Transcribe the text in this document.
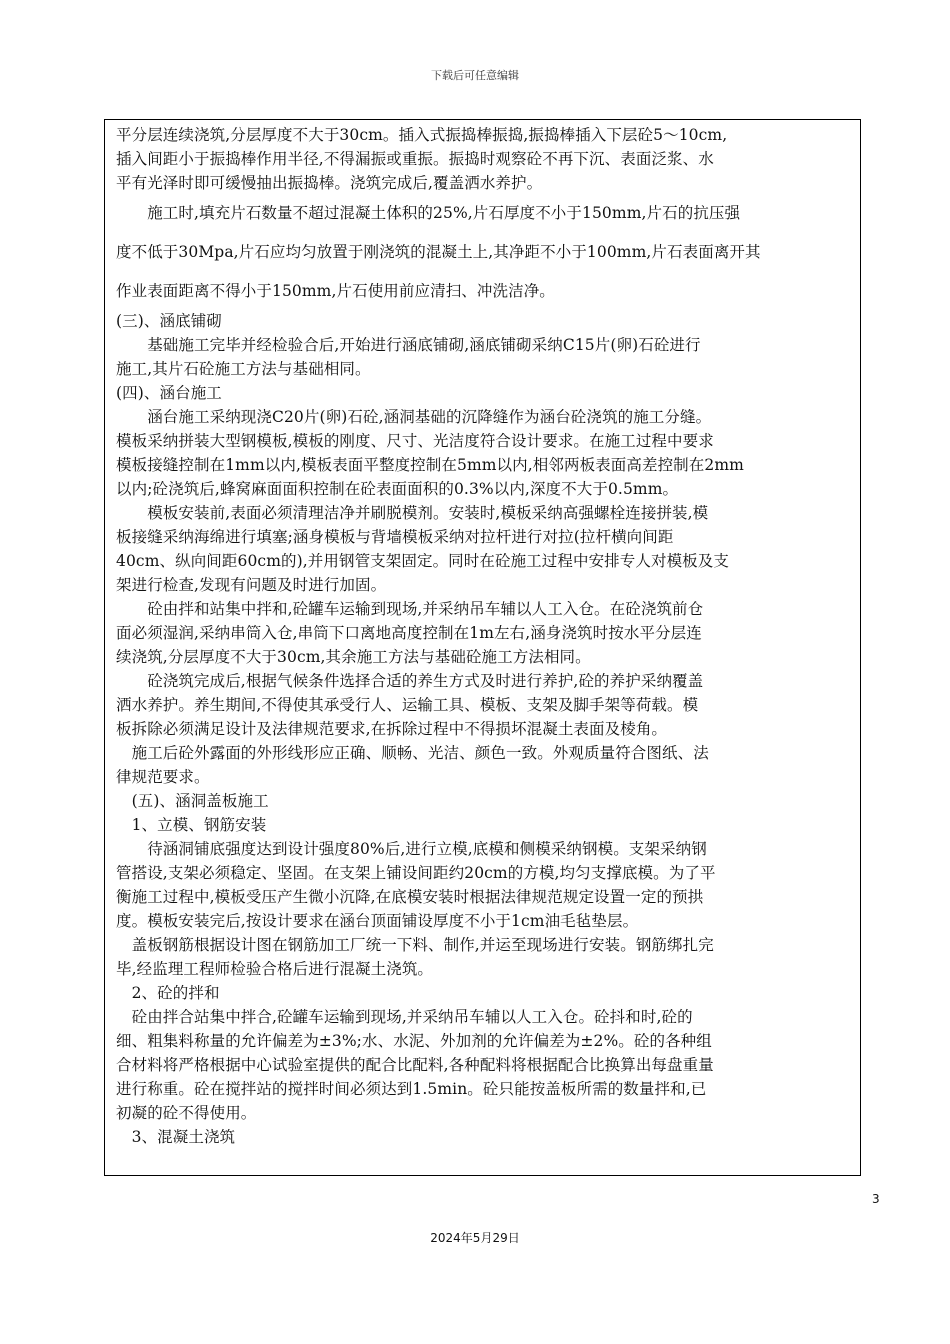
下载后可任意编辑
平分层连续浇筑,分层厚度不大于30cm。插入式振捣棒振捣,振捣棒插入下层砼5～10cm,
插入间距小于振捣棒作用半径,不得漏振或重振。振捣时观察砼不再下沉、表面泛浆、水
平有光泽时即可缓慢抽出振捣棒。浇筑完成后,覆盖洒水养护。
　　施工时,填充片石数量不超过混凝土体积的25%,片石厚度不小于150mm,片石的抗压强
度不低于30Mpa,片石应均匀放置于刚浇筑的混凝土上,其净距不小于100mm,片石表面离开其
作业表面距离不得小于150mm,片石使用前应清扫、冲洗洁净。
(三)、涵底铺砌
　　基础施工完毕并经检验合后,开始进行涵底铺砌,涵底铺砌采纳C15片(卵)石砼进行
施工,其片石砼施工方法与基础相同。
(四)、涵台施工
　　涵台施工采纳现浇C20片(卵)石砼,涵洞基础的沉降缝作为涵台砼浇筑的施工分缝。
模板采纳拼装大型钢模板,模板的刚度、尺寸、光洁度符合设计要求。在施工过程中要求
模板接缝控制在1mm以内,模板表面平整度控制在5mm以内,相邻两板表面高差控制在2mm
以内;砼浇筑后,蜂窝麻面面积控制在砼表面面积的0.3%以内,深度不大于0.5mm。
　　模板安装前,表面必须清理洁净并刷脱模剂。安装时,模板采纳高强螺栓连接拼装,模
板接缝采纳海绵进行填塞;涵身模板与背墙模板采纳对拉杆进行对拉(拉杆横向间距
40cm、纵向间距60cm的),并用钢管支架固定。同时在砼施工过程中安排专人对模板及支
架进行检查,发现有问题及时进行加固。
　　砼由拌和站集中拌和,砼罐车运输到现场,并采纳吊车辅以人工入仓。在砼浇筑前仓
面必须湿润,采纳串筒入仓,串筒下口离地高度控制在1m左右,涵身浇筑时按水平分层连
续浇筑,分层厚度不大于30cm,其余施工方法与基础砼施工方法相同。
　　砼浇筑完成后,根据气候条件选择合适的养生方式及时进行养护,砼的养护采纳覆盖
洒水养护。养生期间,不得使其承受行人、运输工具、模板、支架及脚手架等荷载。模
板拆除必须满足设计及法律规范要求,在拆除过程中不得损坏混凝土表面及棱角。
　施工后砼外露面的外形线形应正确、顺畅、光洁、颜色一致。外观质量符合图纸、法
律规范要求。
　(五)、涵洞盖板施工
　1、立模、钢筋安装
　　待涵洞铺底强度达到设计强度80%后,进行立模,底模和侧模采纳钢模。支架采纳钢
管搭设,支架必须稳定、坚固。在支架上铺设间距约20cm的方模,均匀支撑底模。为了平
衡施工过程中,模板受压产生微小沉降,在底模安装时根据法律规范规定设置一定的预拱
度。模板安装完后,按设计要求在涵台顶面铺设厚度不小于1cm油毛毡垫层。
　盖板钢筋根据设计图在钢筋加工厂统一下料、制作,并运至现场进行安装。钢筋绑扎完
毕,经监理工程师检验合格后进行混凝土浇筑。
　2、砼的拌和
　砼由拌合站集中拌合,砼罐车运输到现场,并采纳吊车辅以人工入仓。砼抖和时,砼的
细、粗集料称量的允许偏差为±3%;水、水泥、外加剂的允许偏差为±2%。砼的各种组
合材料将严格根据中心试验室提供的配合比配料,各种配料将根据配合比换算出每盘重量
进行称重。砼在搅拌站的搅拌时间必须达到1.5min。砼只能按盖板所需的数量拌和,已
初凝的砼不得使用。
　3、混凝土浇筑
3
2024年5月29日
